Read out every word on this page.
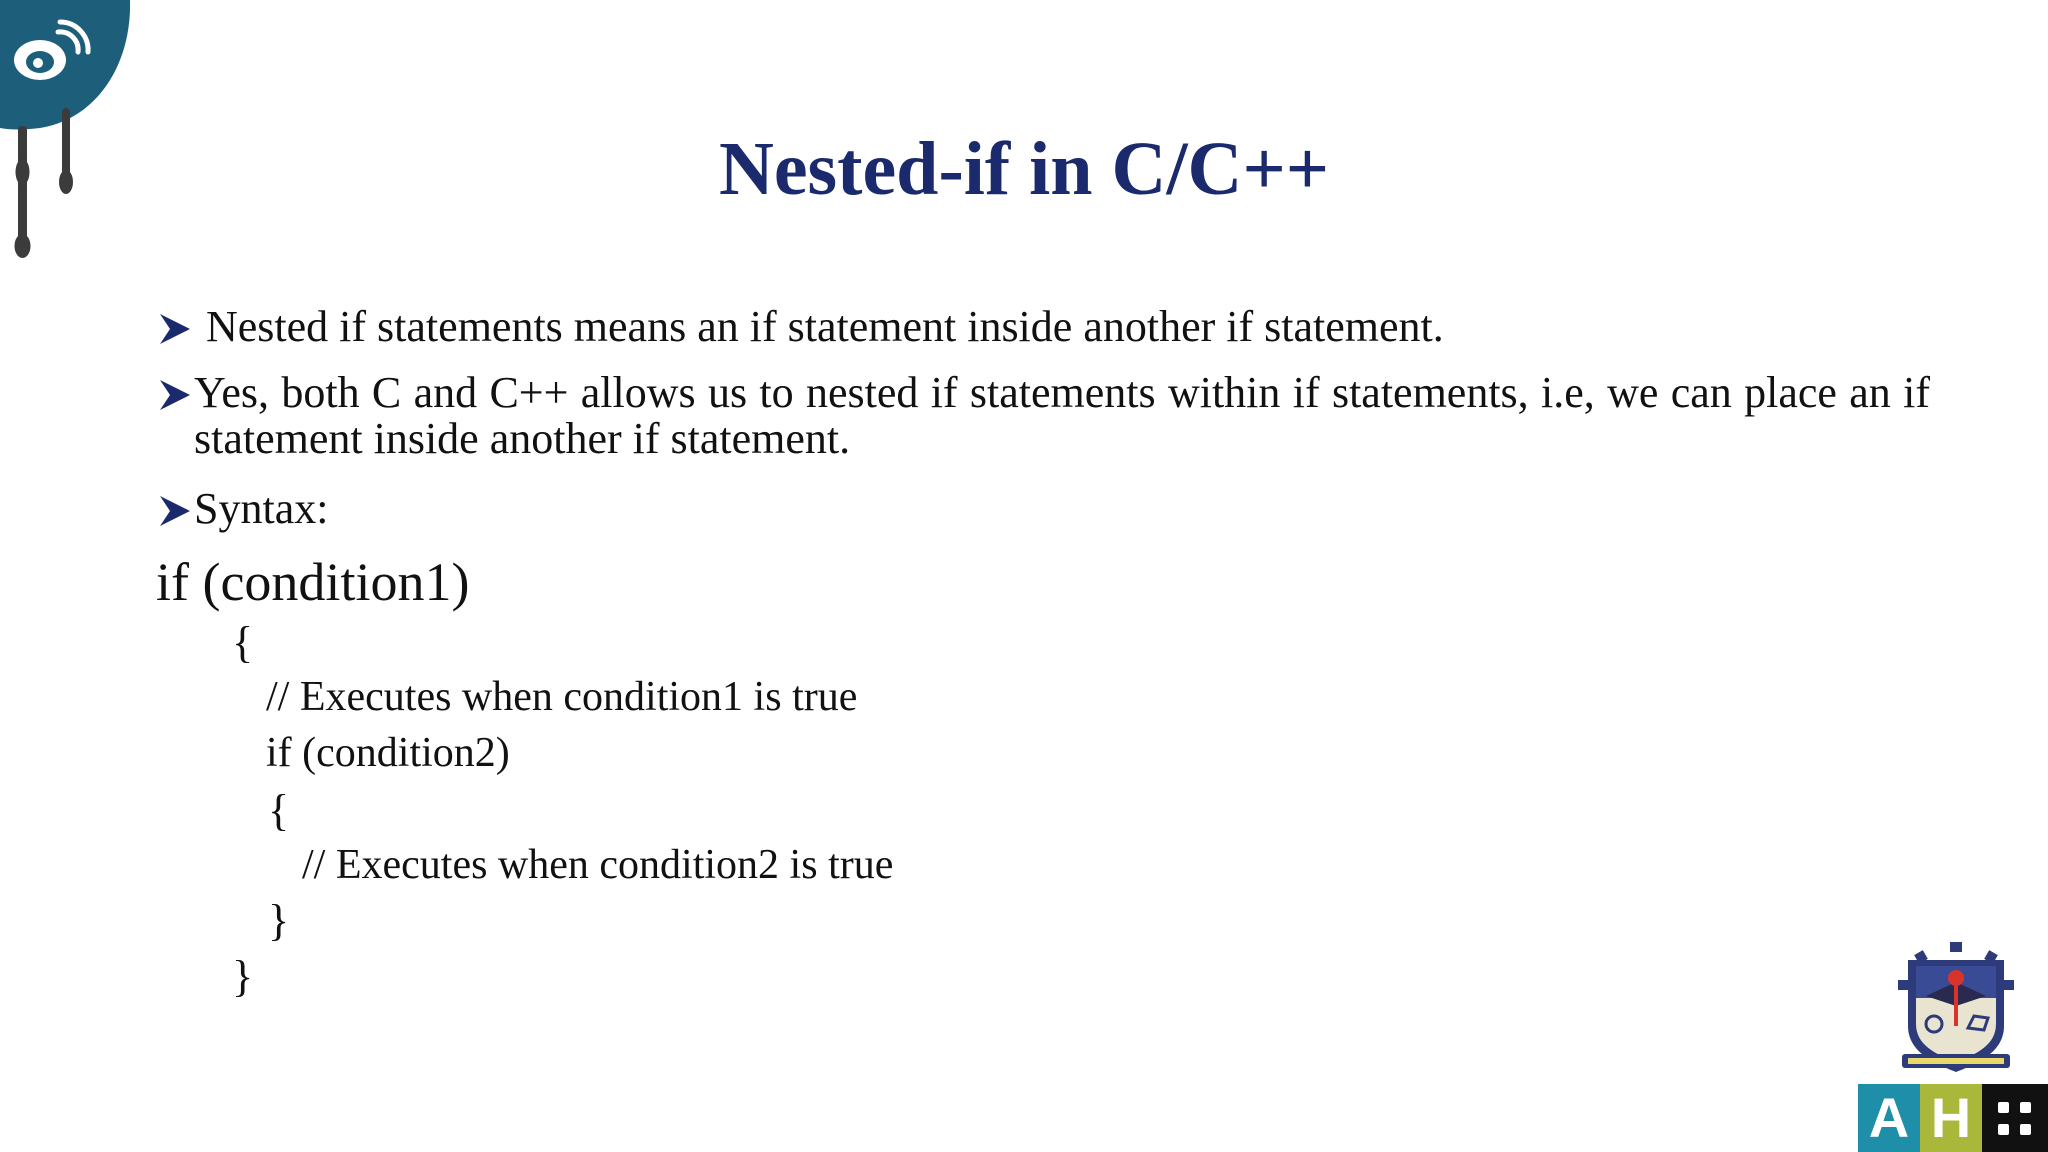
Nested-if in C/C++
Nested if statements means an if statement inside another if statement.
Yes, both C and C++ allows us to nested if statements within if statements, i.e, we can place an if statement inside another if statement.
Syntax:
if (condition1)
{
// Executes when condition1 is true
if (condition2)
{
// Executes when condition2 is true
}
}
A H
